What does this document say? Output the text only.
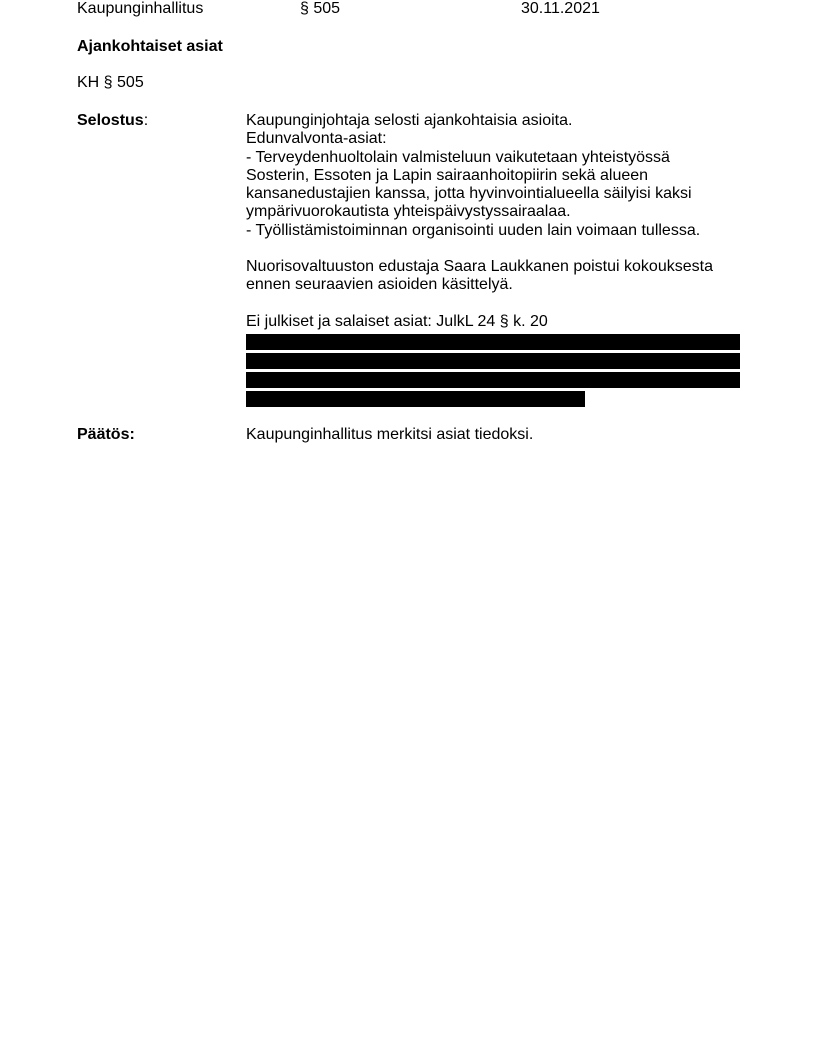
Kaupunginhallitus	§ 505	30.11.2021
Ajankohtaiset asiat
KH § 505
Selostus:	Kaupunginjohtaja selosti ajankohtaisia asioita.
Edunvalvonta-asiat:
- Terveydenhuoltolain valmisteluun vaikutetaan yhteistyössä
Sosterin, Essoten ja Lapin sairaanhoitopiirin sekä alueen
kansanedustajien kanssa, jotta hyvinvointialueella säilyisi kaksi
ympärivuorokautista yhteispäivystyssairaalaa.
- Työllistämistoiminnan organisointi uuden lain voimaan tullessa.
Nuorisovaltuuston edustaja Saara Laukkanen poistui kokouksesta
ennen seuraavien asioiden käsittelyä.
Ei julkiset ja salaiset asiat: JulkL 24 § k. 20
Päätös:	Kaupunginhallitus merkitsi asiat tiedoksi.
